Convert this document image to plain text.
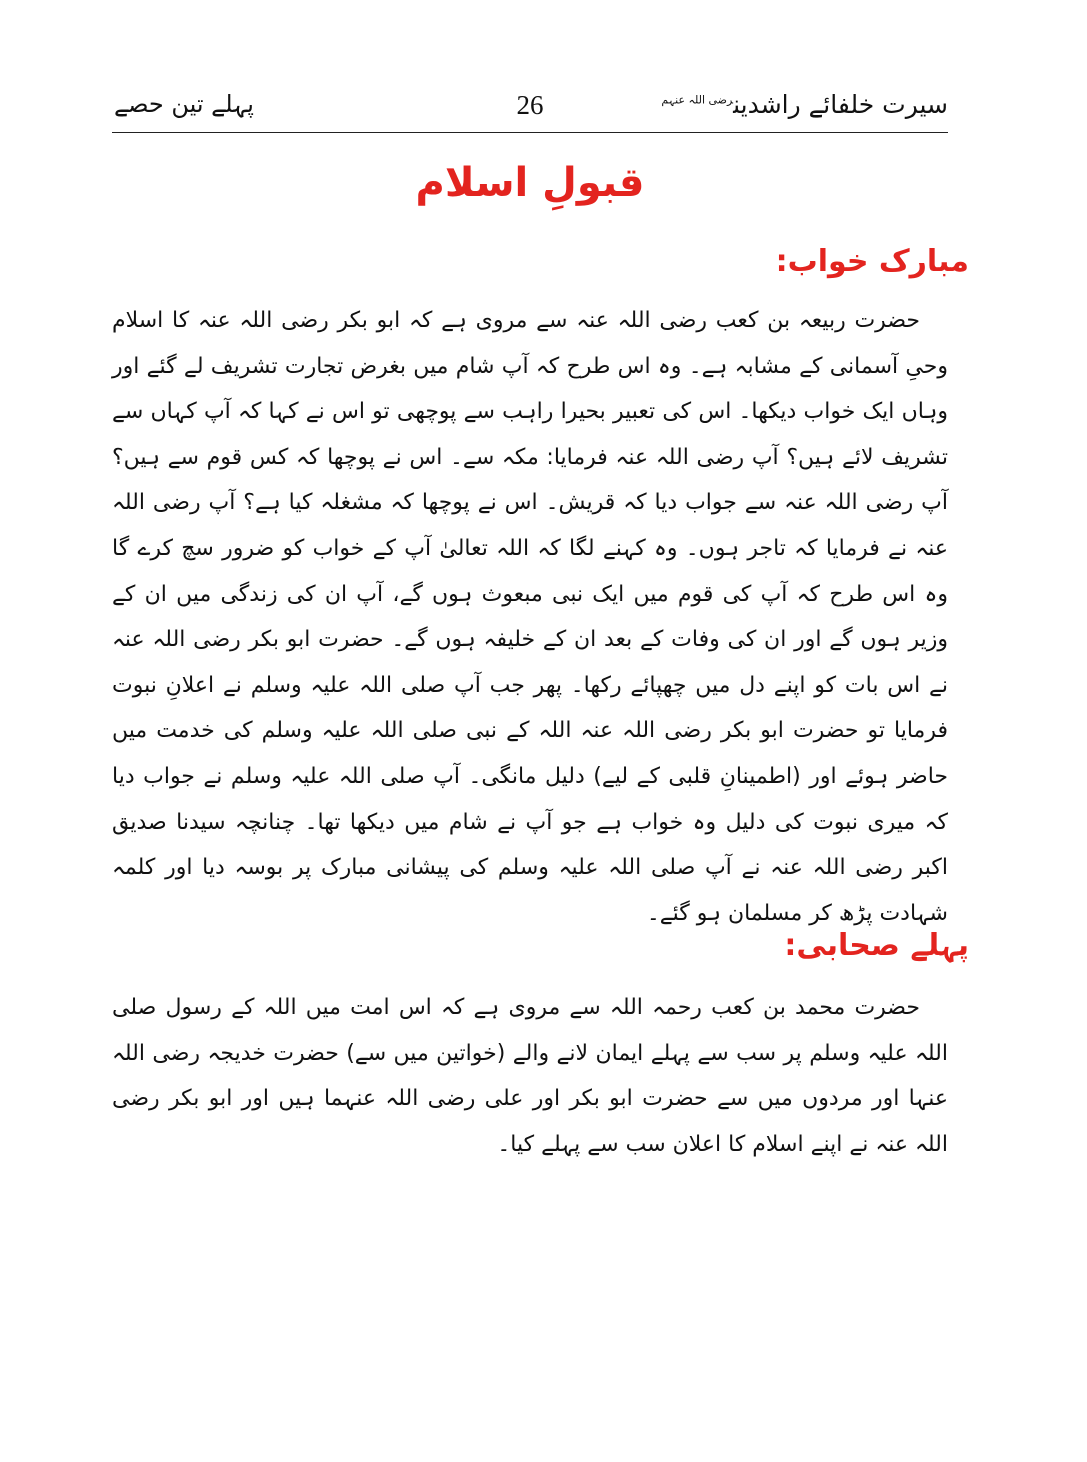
سیرت خلفائے راشدین$^{رضی اللہ عنہم}$
26
پہلے تین حصے
قبولِ اسلام
مبارک خواب:
حضرت ربیعہ بن کعب رضی اللہ عنہ سے مروی ہے کہ ابو بکر رضی اللہ عنہ کا اسلام وحیِ آسمانی کے مشابہ ہے۔ وہ اس طرح کہ آپ شام میں بغرض تجارت تشریف لے گئے اور وہاں ایک خواب دیکھا۔ اس کی تعبیر بحیرا راہب سے پوچھی تو اس نے کہا کہ آپ کہاں سے تشریف لائے ہیں؟ آپ رضی اللہ عنہ فرمایا: مکہ سے۔ اس نے پوچھا کہ کس قوم سے ہیں؟ آپ رضی اللہ عنہ سے جواب دیا کہ قریش۔ اس نے پوچھا کہ مشغلہ کیا ہے؟ آپ رضی اللہ عنہ نے فرمایا کہ تاجر ہوں۔ وہ کہنے لگا کہ اللہ تعالیٰ آپ کے خواب کو ضرور سچ کرے گا وہ اس طرح کہ آپ کی قوم میں ایک نبی مبعوث ہوں گے، آپ ان کی زندگی میں ان کے وزیر ہوں گے اور ان کی وفات کے بعد ان کے خلیفہ ہوں گے۔ حضرت ابو بکر رضی اللہ عنہ نے اس بات کو اپنے دل میں چھپائے رکھا۔ پھر جب آپ صلی اللہ علیہ وسلم نے اعلانِ نبوت فرمایا تو حضرت ابو بکر رضی اللہ عنہ اللہ کے نبی صلی اللہ علیہ وسلم کی خدمت میں حاضر ہوئے اور (اطمینانِ قلبی کے لیے) دلیل مانگی۔ آپ صلی اللہ علیہ وسلم نے جواب دیا کہ میری نبوت کی دلیل وہ خواب ہے جو آپ نے شام میں دیکھا تھا۔ چنانچہ سیدنا صدیق اکبر رضی اللہ عنہ نے آپ صلی اللہ علیہ وسلم کی پیشانی مبارک پر بوسہ دیا اور کلمہ شہادت پڑھ کر مسلمان ہو گئے۔
پہلے صحابی:
حضرت محمد بن کعب رحمہ اللہ سے مروی ہے کہ اس امت میں اللہ کے رسول صلی اللہ علیہ وسلم پر سب سے پہلے ایمان لانے والے (خواتین میں سے) حضرت خدیجہ رضی اللہ عنہا اور مردوں میں سے حضرت ابو بکر اور علی رضی اللہ عنہما ہیں اور ابو بکر رضی اللہ عنہ نے اپنے اسلام کا اعلان سب سے پہلے کیا۔
